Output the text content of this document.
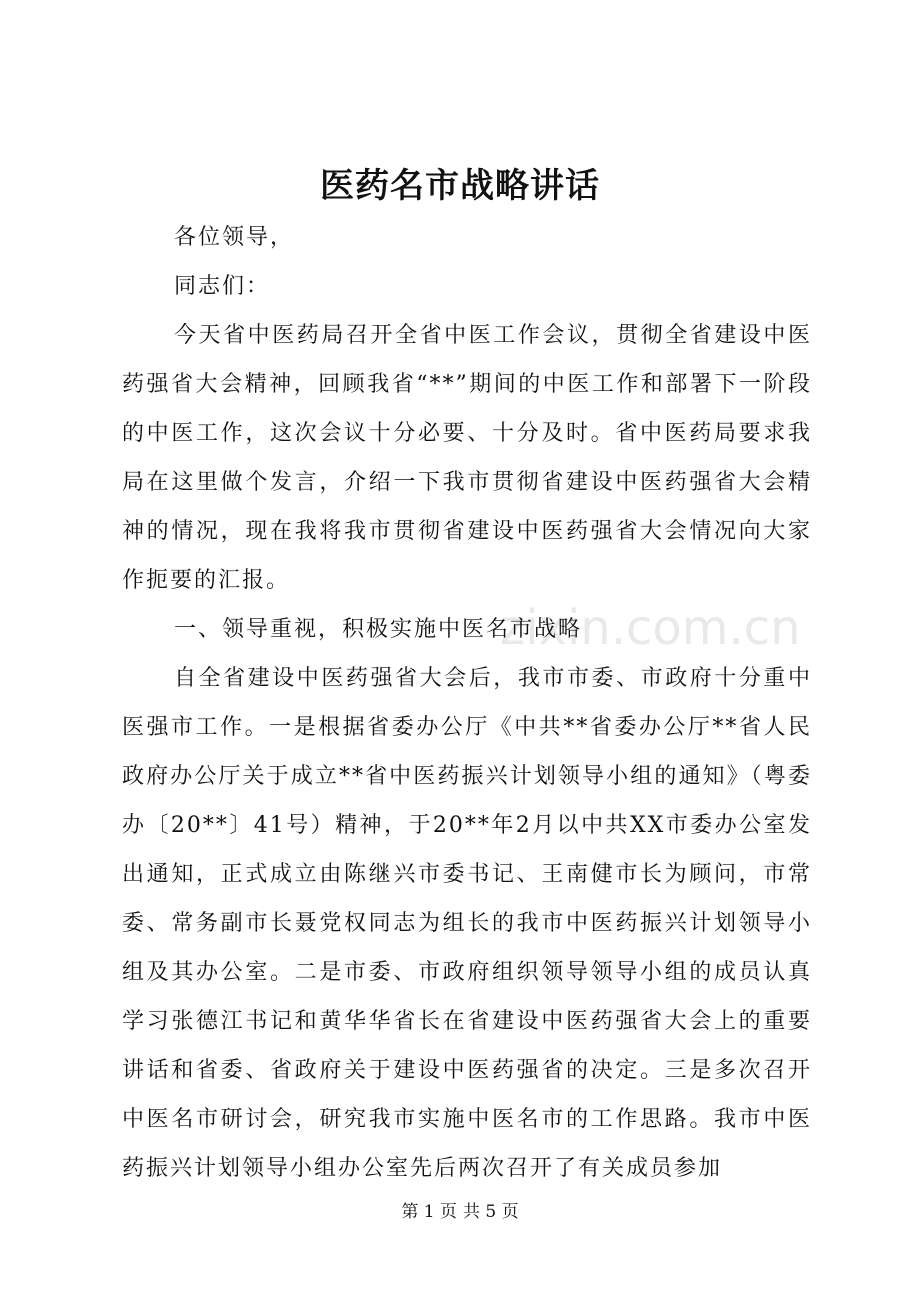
zixin.com.cn
医药名市战略讲话

各位领导，

同志们：

今天省中医药局召开全省中医工作会议，贯彻全省建设中医药强省大会精神，回顾我省“**”期间的中医工作和部署下一阶段的中医工作，这次会议十分必要、十分及时。省中医药局要求我局在这里做个发言，介绍一下我市贯彻省建设中医药强省大会精神的情况，现在我将我市贯彻省建设中医药强省大会情况向大家作扼要的汇报。

一、领导重视，积极实施中医名市战略

自全省建设中医药强省大会后，我市市委、市政府十分重中医强市工作。一是根据省委办公厅《中共**省委办公厅**省人民政府办公厅关于成立**省中医药振兴计划领导小组的通知》（粤委办〔20**〕41号）精神，于20**年2月以中共XX市委办公室发出通知，正式成立由陈继兴市委书记、王南健市长为顾问，市常委、常务副市长聂党权同志为组长的我市中医药振兴计划领导小组及其办公室。二是市委、市政府组织领导领导小组的成员认真学习张德江书记和黄华华省长在省建设中医药强省大会上的重要讲话和省委、省政府关于建设中医药强省的决定。三是多次召开中医名市研讨会，研究我市实施中医名市的工作思路。我市中医药振兴计划领导小组办公室先后两次召开了有关成员参加

第 1 页 共 5 页
